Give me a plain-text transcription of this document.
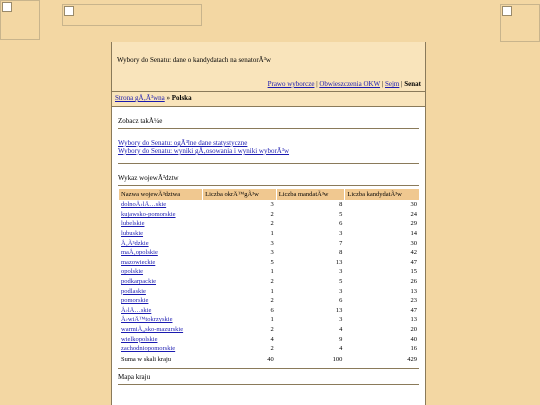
Wybory do Senatu: dane o kandydatach na senatorÃ³w
Prawo wyborcze | Obwieszczenia OKW | Sejm | Senat
Strona gÅ‚Ã³wna » Polska
Zobacz takÅ¼e
Wybory do Senatu: ogÃ³lne dane statystyczne
Wybory do Senatu: wyniki gÅ‚osowania i wyniki wyborÃ³w
Wykaz wojewÃ³dztw
Nazwa wojewÃ³dztwa	Liczba okrÄ™gÃ³w	Liczba mandatÃ³w	Liczba kandydatÃ³w
dolnoÅ›lÄ…skie	3	8	30
kujawsko-pomorskie	2	5	24
lubelskie	2	6	29
lubuskie	1	3	14
Å‚Ã³dzkie	3	7	30
maÅ‚opolskie	3	8	42
mazowieckie	5	13	47
opolskie	1	3	15
podkarpackie	2	5	26
podlaskie	1	3	13
pomorskie	2	6	23
Å›lÄ…skie	6	13	47
Å›wiÄ™tokrzyskie	1	3	13
warmiÅ„sko-mazurskie	2	4	20
wielkopolskie	4	9	40
zachodniopomorskie	2	4	16
Suma w skali kraju	40	100	429
Mapa kraju
